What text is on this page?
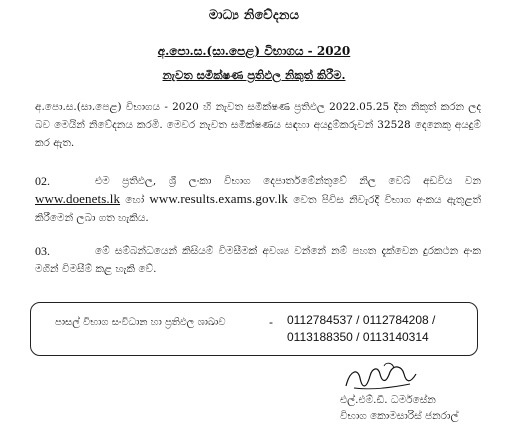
මාධ්‍ය නිවේදනය
අ.පො.ස.(සා.පෙළ) විභාගය - 2020
නැවත සමීක්ෂණ ප්‍රතිඵල නිකුත් කිරීම.
අ.පො.ස.(සා.පෙළ) විභාගය - 2020 හි නැවත සමීක්ෂණ ප්‍රතිඵල 2022.05.25 දින නිකුත් කරන ලද බව මෙයින් නිවේදනය කරමි. මෙවර නැවත සමීක්ෂණය සඳහා අයදුම්කරුවන් 32528 දෙනෙකු අයදුම් කර ඇත.
02.	එම ප්‍රතිඵල, ශ්‍රී ලංකා විභාග දෙපාර්තමේන්තුවේ නිල වෙබ් අඩවිය වන www.doenets.lk හෝ www.results.exams.gov.lk වෙත පිවිස නිවැරදි විභාග අංකය ඇතුළත් කිරීමෙන් ලබා ගත හැකිය.
03.	මේ සම්බන්ධයෙන් කිසියම් විමසීමක් අවශ්‍ය වන්නේ නම් පහත දැක්වෙන දුරකථන අංක මගින් විමසීම් කළ හැකි වේ.
පාසල් විභාග සංවිධාන හා ප්‍රතිඵල ශාඛාව	- 0112784537 / 0112784208 /
0113188350 / 0113140314
එල්.එම්.ඩී. ධර්මසේන
විභාග කොමසාරිස් ජනරාල්
